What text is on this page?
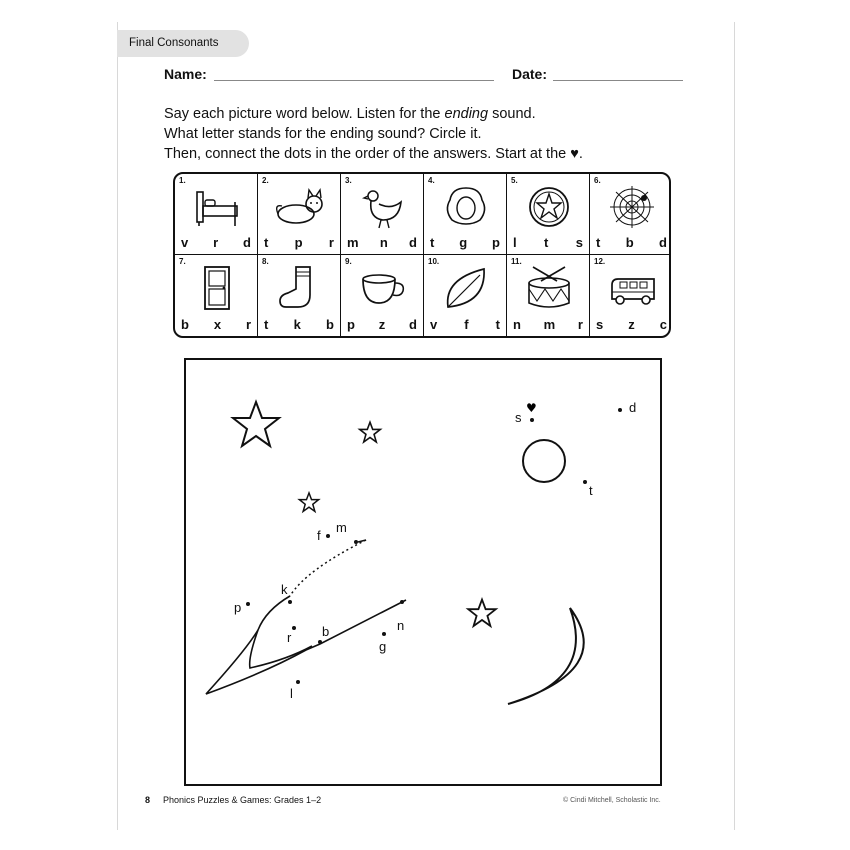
Final Consonants
Name:	Date:
Say each picture word below. Listen for the ending sound.
What letter stands for the ending sound? Circle it.
Then, connect the dots in the order of the answers. Start at the ♥.
1.
v r d
2.
t p r
3.
m n d
4.
t g p
5.
l t s
6.
t b d
7.
b x r
8.
t k b
9.
p z d
10.
v f t
11.
n m r
12.
s z c
♥
s
d
t
f
m
k
p
r b	n
g
l
8 Phonics Puzzles & Games: Grades 1–2	© Cindi Mitchell, Scholastic Inc.
